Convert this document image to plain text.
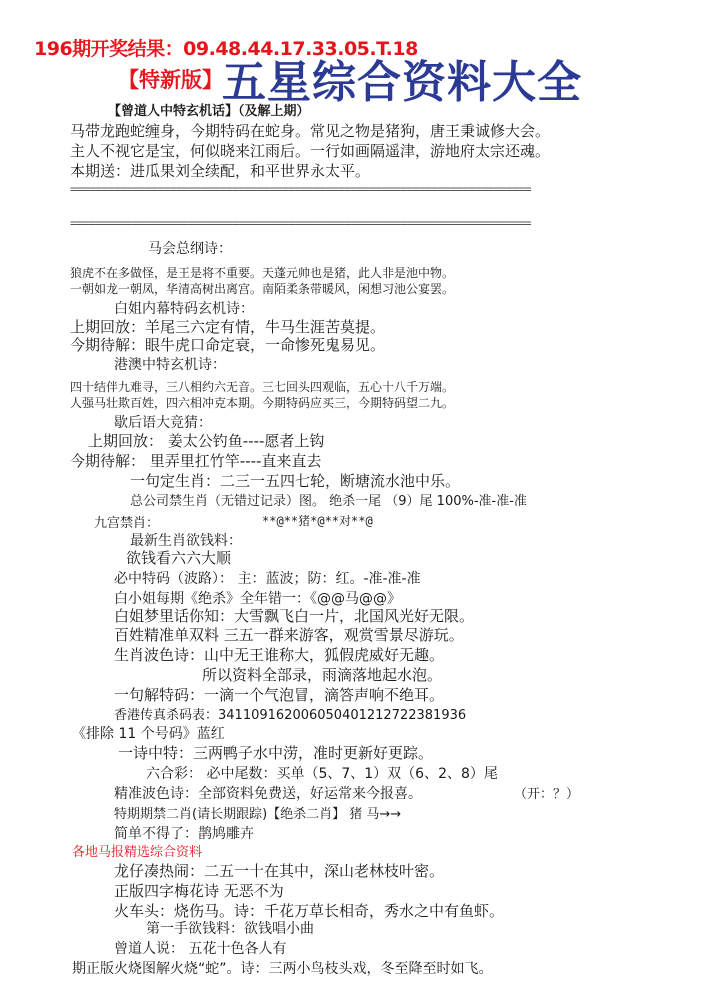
196期开奖结果：09.48.44.17.33.05.T.18
【特新版】 五星综合资料大全
【曾道人中特玄机话】（及解上期）
马带龙跑蛇缠身，今期特码在蛇身。常见之物是猪狗，唐王秉诚修大会。
主人不视它是宝，何似晓来江雨后。一行如画隔遥津，游地府太宗还魂。
本期送：进瓜果刘全续配，和平世界永太平。
==========================================================================
==========================================================================
马会总纲诗：
狼虎不在多做怪，是王是将不重要。天蓬元帅也是猪，此人非是池中物。
一朝如龙一朝凤，华清高树出离宫。南陌柔条带暖风，闲想习池公宴罢。
白姐内幕特码玄机诗：
上期回放：羊尾三六定有情，牛马生涯苦莫提。
今期待解：眼牛虎口命定衰，一命惨死鬼易见。
港澳中特玄机诗：
四十结伴九难寻，三八相约六无音。三七回头四观临，五心十八千万端。
人强马壮欺百姓，四六相冲克本期。今期特码应买三，今期特码望二九。
歇后语大竞猜：
上期回放： 姜太公钓鱼----愿者上钩
今期待解： 里弄里扛竹竿----直来直去
一句定生肖：二三一五四七轮，断塘流水池中乐。
总公司禁生肖（无错过记录）图。 绝杀一尾 （9）尾 100%-准-准-准
九宫禁肖：	**@**猪*@**对**@
最新生肖欲钱料：
欲钱看六六大顺
必中特码（波路）： 主：蓝波；防：红。-准-准-准
白小姐每期《绝杀》全年错一：《@@马@@》
白姐梦里话你知：大雪飘飞白一片，北国风光好无限。
百姓精准单双料 三五一群来游客，观赏雪景尽游玩。
生肖波色诗：山中无王谁称大，狐假虎威好无趣。
所以资料全部录，雨滴落地起水泡。
一句解特码：一滴一个气泡冒，滴答声响不绝耳。
香港传真杀码表：34110916200605040121272238​1936
《排除 11 个号码》蓝红
一诗中特：三两鸭子水中涝，准时更新好更踪。
六合彩： 必中尾数：买单（5、7、1）双（6、2、8）尾
精准波色诗：全部资料免费送，好运常来今报喜。	（开：？）
特期期禁二肖(请长期跟踪)【绝杀二肖】 猪 马→→
简单不得了：鹊鸠雕卉
各地马报精选综合资料
龙仔凑热闹：二五一十在其中，深山老林枝叶密。
正版四字梅花诗 无恶不为
火车头：烧伤马。诗：千花万草长相奇，秀水之中有鱼虾。
第一手欲钱料：欲钱唱小曲
曾道人说： 五花十色各人有
期正版火烧图解火烧“蛇”。诗：三两小鸟枝头戏，冬至降至时如飞。
